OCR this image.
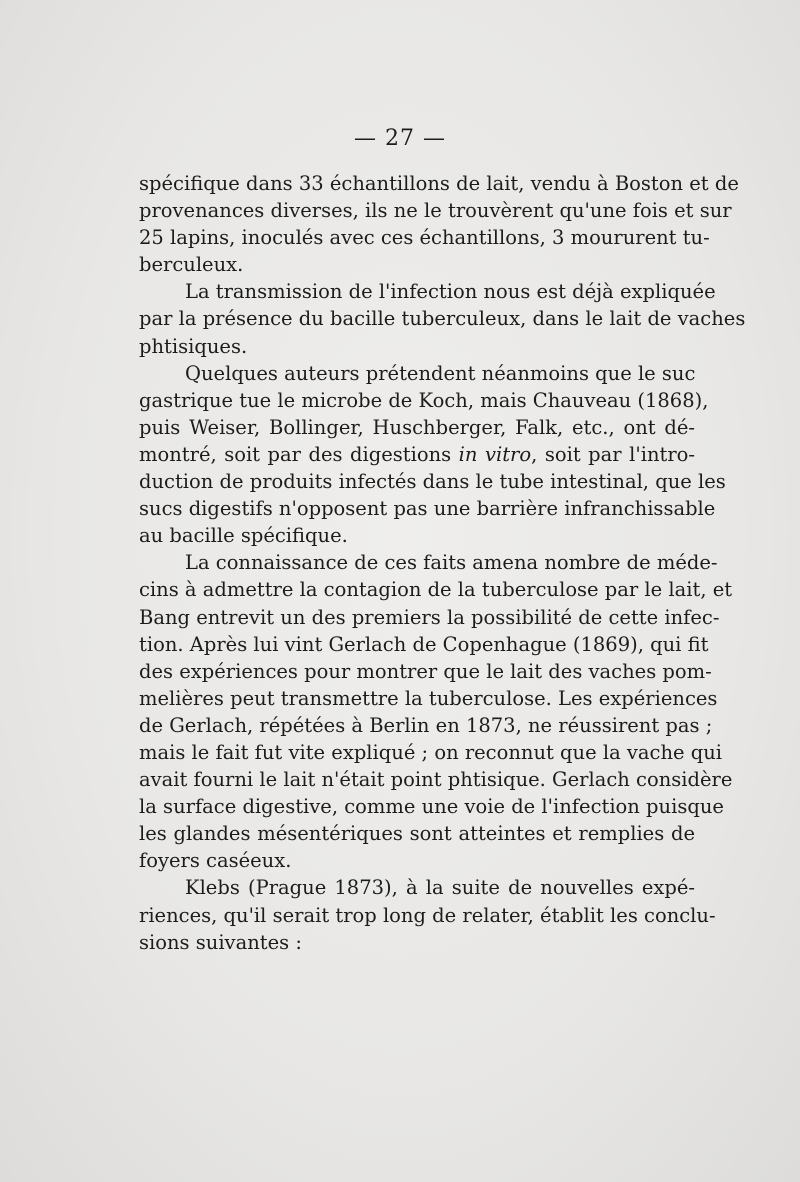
— 27 —

spécifique dans 33 échantillons de lait, vendu à Boston et de
provenances diverses, ils ne le trouvèrent qu'une fois et sur
25 lapins, inoculés avec ces échantillons, 3 moururent tu-
berculeux.

La transmission de l'infection nous est déjà expliquée
par la présence du bacille tuberculeux, dans le lait de vaches
phtisiques.

Quelques auteurs prétendent néanmoins que le suc
gastrique tue le microbe de Koch, mais Chauveau (1868),
puis Weiser, Bollinger, Huschberger, Falk, etc., ont dé-
montré, soit par des digestions in vitro, soit par l'intro-
duction de produits infectés dans le tube intestinal, que les
sucs digestifs n'opposent pas une barrière infranchissable
au bacille spécifique.

La connaissance de ces faits amena nombre de méde-
cins à admettre la contagion de la tuberculose par le lait, et
Bang entrevit un des premiers la possibilité de cette infec-
tion. Après lui vint Gerlach de Copenhague (1869), qui fit
des expériences pour montrer que le lait des vaches pom-
melières peut transmettre la tuberculose. Les expériences
de Gerlach, répétées à Berlin en 1873, ne réussirent pas ;
mais le fait fut vite expliqué ; on reconnut que la vache qui
avait fourni le lait n'était point phtisique. Gerlach considère
la surface digestive, comme une voie de l'infection puisque
les glandes mésentériques sont atteintes et remplies de
foyers caséeux.

Klebs (Prague 1873), à la suite de nouvelles expé-
riences, qu'il serait trop long de relater, établit les conclu-
sions suivantes :
